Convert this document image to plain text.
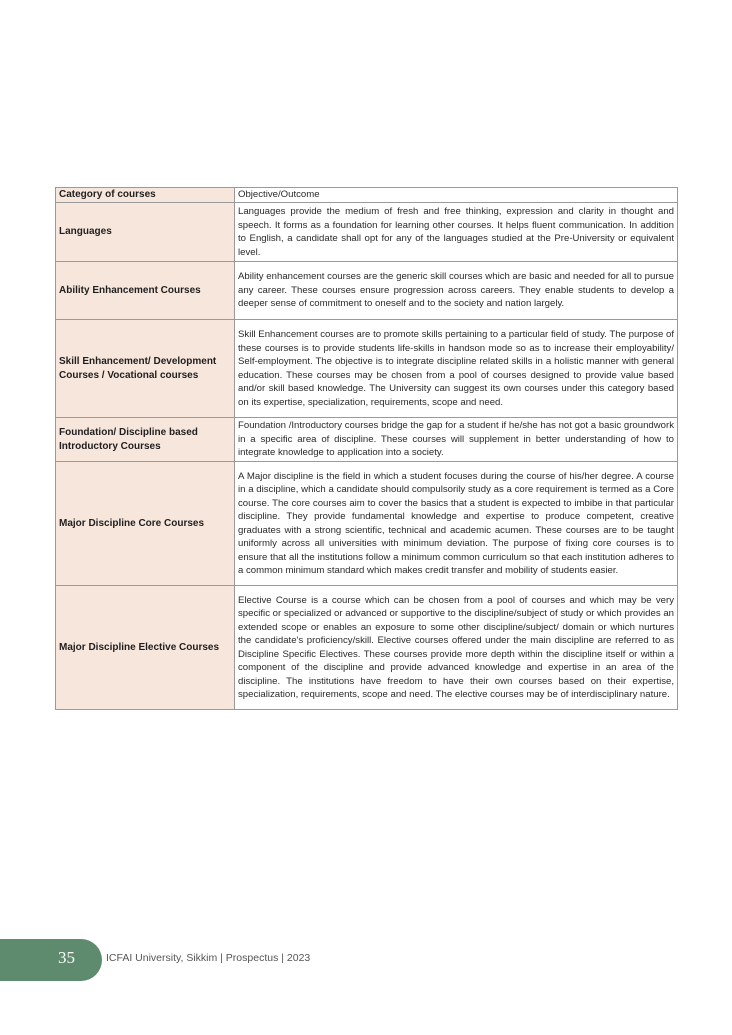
Category of courses	Objective/Outcome
Languages	Languages provide the medium of fresh and free thinking, expression and clarity in thought and speech. It forms as a foundation for learning other courses. It helps fluent communication. In addition to English, a candidate shall opt for any of the languages studied at the Pre-University or equivalent level.
Ability Enhancement Courses	Ability enhancement courses are the generic skill courses which are basic and needed for all to pursue any career. These courses ensure progression across careers. They enable students to develop a deeper sense of commitment to oneself and to the society and nation largely.
Skill Enhancement/ Development Courses / Vocational courses	Skill Enhancement courses are to promote skills pertaining to a particular field of study. The purpose of these courses is to provide students life-skills in handson mode so as to increase their employability/ Self-employment. The objective is to integrate discipline related skills in a holistic manner with general education. These courses may be chosen from a pool of courses designed to provide value based and/or skill based knowledge. The University can suggest its own courses under this category based on its expertise, specialization, requirements, scope and need.
Foundation/ Discipline based Introductory Courses	Foundation /Introductory courses bridge the gap for a student if he/she has not got a basic groundwork in a specific area of discipline. These courses will supplement in better understanding of how to integrate knowledge to application into a society.
Major Discipline Core Courses	A Major discipline is the field in which a student focuses during the course of his/her degree. A course in a discipline, which a candidate should compulsorily study as a core requirement is termed as a Core course. The core courses aim to cover the basics that a student is expected to imbibe in that particular discipline. They provide fundamental knowledge and expertise to produce competent, creative graduates with a strong scientific, technical and academic acumen. These courses are to be taught uniformly across all universities with minimum deviation. The purpose of fixing core courses is to ensure that all the institutions follow a minimum common curriculum so that each institution adheres to a common minimum standard which makes credit transfer and mobility of students easier.
Major Discipline Elective Courses	Elective Course is a course which can be chosen from a pool of courses and which may be very specific or specialized or advanced or supportive to the discipline/subject of study or which provides an extended scope or enables an exposure to some other discipline/subject/ domain or which nurtures the candidate's proficiency/skill. Elective courses offered under the main discipline are referred to as Discipline Specific Electives. These courses provide more depth within the discipline itself or within a component of the discipline and provide advanced knowledge and expertise in an area of the discipline. The institutions have freedom to have their own courses based on their expertise, specialization, requirements, scope and need. The elective courses may be of interdisciplinary nature.
35	ICFAI University, Sikkim | Prospectus | 2023
